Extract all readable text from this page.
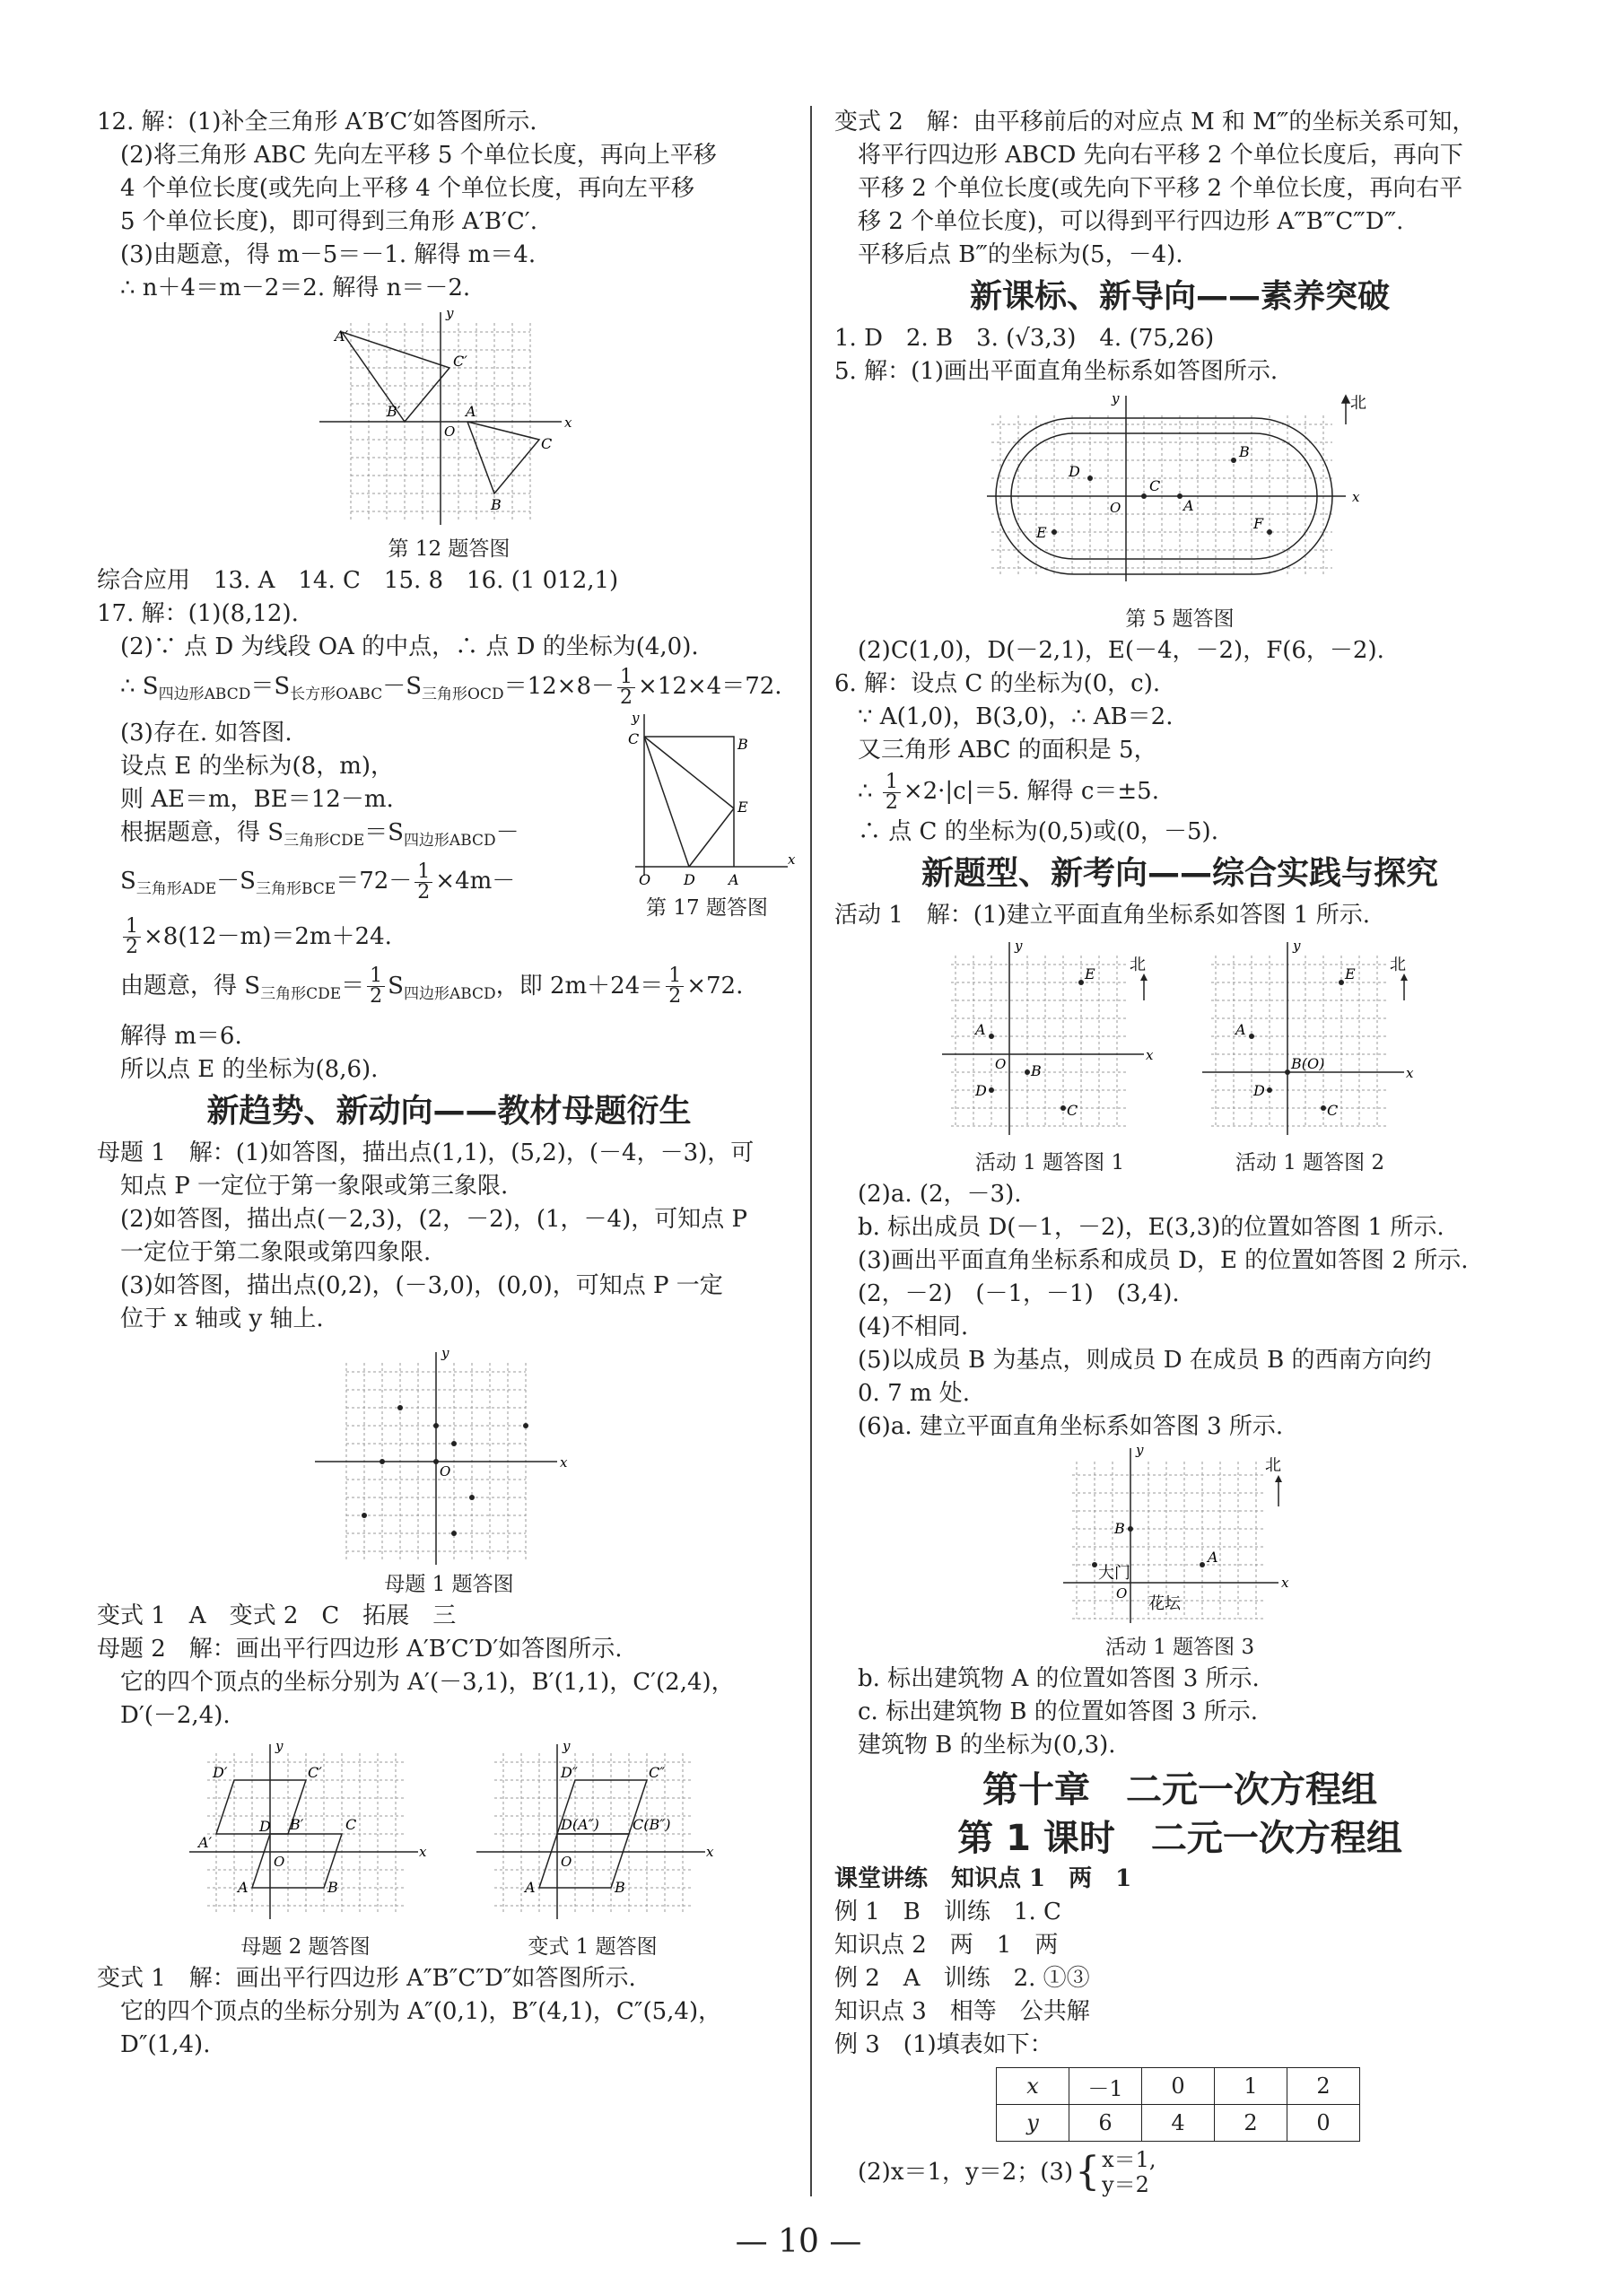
12. 解：(1)补全三角形 A′B′C′如答图所示.
(2)将三角形 ABC 先向左平移 5 个单位长度，再向上平移
4 个单位长度(或先向上平移 4 个单位长度，再向左平移
5 个单位长度)，即可得到三角形 A′B′C′.
(3)由题意，得 m－5＝－1. 解得 m＝4.
∴ n＋4＝m－2＝2. 解得 n＝－2.
x
y
O
A′
C′
B′	A
C
B
第 12 题答图
综合应用　13. A　14. C　15. 8　16. (1 012,1)
17. 解：(1)(8,12).
(2)∵ 点 D 为线段 OA 的中点，∴ 点 D 的坐标为(4,0).
∴ $S_{四边形ABCD}=S_{长方形OABC}-S_{三角形OCD}=12\times 8- \frac{1}{2} \times 12\times 4=72$.
(3)存在. 如答图.
设点 E 的坐标为(8，m)，
则 AE＝m，BE＝12－m.
根据题意，得 $S_{三角形CDE}=S_{四边形ABCD}-$
$S_{三角形ADE}-S_{三角形BCE}=72- \frac{1}{2} \times 4m-$
$\frac{1}{2} \times 8(12-m)=2m+24$.
y
x
C	B
E
O D A
第 17 题答图
由题意，得 $S_{三角形CDE}= \frac{1}{2} S_{四边形ABCD}$，即 $2m+24= \frac{1}{2} \times 72$.
解得 m＝6.
所以点 E 的坐标为(8,6).
新趋势、新动向——教材母题衍生
母题 1　解：(1)如答图，描出点(1,1)，(5,2)，(－4，－3)，可
知点 P 一定位于第一象限或第三象限.
(2)如答图，描出点(－2,3)，(2，－2)，(1，－4)，可知点 P
一定位于第二象限或第四象限.
(3)如答图，描出点(0,2)，(－3,0)，(0,0)，可知点 P 一定
位于 x 轴或 y 轴上.
x
y
O
母题 1 题答图
变式 1　A　变式 2　C　拓展　三
母题 2　解：画出平行四边形 A′B′C′D′如答图所示.
它的四个顶点的坐标分别为 A′(－3,1)，B′(1,1)，C′(2,4)，
D′(－2,4).
x
y
O
D′	C′
A′
B′
D	C
A	B
母题 2 题答图
x
y
O
D″	C″
D(A″) C(B″)
A	B
变式 1 题答图
变式 1　解：画出平行四边形 A″B″C″D″如答图所示.
它的四个顶点的坐标分别为 A″(0,1)，B″(4,1)，C″(5,4)，
D″(1,4).
变式 2　解：由平移前后的对应点 M 和 M‴的坐标关系可知，
将平行四边形 ABCD 先向右平移 2 个单位长度后，再向下
平移 2 个单位长度(或先向下平移 2 个单位长度，再向右平
移 2 个单位长度)，可以得到平行四边形 A‴B‴C‴D‴.
平移后点 B‴的坐标为(5，－4).
新课标、新导向——素养突破
1. D　2. B　3. (√3,3)　4. (75,26)
5. 解：(1)画出平面直角坐标系如答图所示.
x
y
O
北
C
A
D
B
E
F
第 5 题答图
(2)C(1,0)，D(－2,1)，E(－4，－2)，F(6，－2).
6. 解：设点 C 的坐标为(0，c).
∵ A(1,0)，B(3,0)，∴ AB＝2.
又三角形 ABC 的面积是 5，
∴ $\frac{1}{2} \times 2\cdot|c|=5$. 解得 c＝±5.
∴ 点 C 的坐标为(0,5)或(0，－5).
新题型、新考向——综合实践与探究
活动 1　解：(1)建立平面直角坐标系如答图 1 所示.
x
y
O
北
E
A
B
D
C
活动 1 题答图 1
x
y
北
E
A
B(O)
D
C
活动 1 题答图 2
(2)a. (2，－3).
b. 标出成员 D(－1，－2)，E(3,3)的位置如答图 1 所示.
(3)画出平面直角坐标系和成员 D，E 的位置如答图 2 所示.
(2，－2)　(－1，－1)　(3,4).
(4)不相同.
(5)以成员 B 为基点，则成员 D 在成员 B 的西南方向约
0. 7 m 处.
(6)a. 建立平面直角坐标系如答图 3 所示.
x
y
O
北
B
A
大门
花坛
活动 1 题答图 3
b. 标出建筑物 A 的位置如答图 3 所示.
c. 标出建筑物 B 的位置如答图 3 所示.
建筑物 B 的坐标为(0,3).
第十章　二元一次方程组
第 1 课时　二元一次方程组
课堂讲练　知识点 1　两　1
例 1　B　训练　1. C
知识点 2　两　1　两
例 2　A　训练　2. ①③
知识点 3　相等　公共解
例 3　(1)填表如下：
x	－1	0	1	2
y	6	4	2	0
(2)x＝1，y＝2；(3) { x＝1,
y＝2
— 10 —
